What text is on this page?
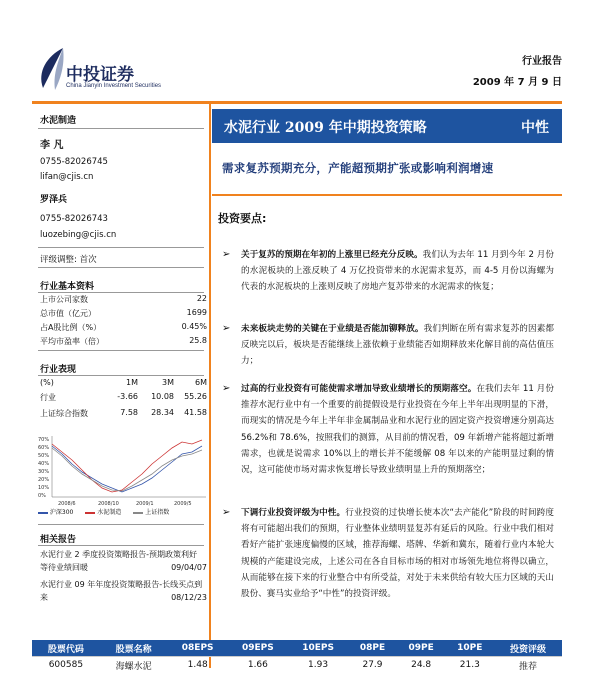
中投证券
China Jianyin Investment Securities
行业报告
2009 年 7 月 9 日
水泥制造
李 凡
0755-82026745
lifan@cjis.cn
罗泽兵
0755-82026743
luozebing@cjis.cn
评级调整: 首次
行业基本资料
上市公司家数	22
总市值（亿元）	1699
占A股比例（%）	0.45%
平均市盈率（倍）	25.8
行业表现
(%)	1M	3M	6M
行业	-3.66	10.08	55.26
上证综合指数	7.58	28.34	41.58
70%
60%
50%
40%
30%
20%
10%
0%
2008/6	2008/10	2009/1	2009/5
沪深300	水泥制造	上证指数
相关报告
水泥行业 2 季度投资策略报告-预期政策利好 等待业绩回暖	09/04/07
水泥行业 09 年年度投资策略报告-长线买点到来	08/12/23
水泥行业 2009 年中期投资策略	中性
需求复苏预期充分，产能超预期扩张或影响利润增速
投资要点:
➢ 关于复苏的预期在年初的上涨里已经充分反映。我们认为去年 11 月到今年 2 月份的水泥板块的上涨反映了 4 万亿投资带来的水泥需求复苏，而 4-5 月份以海螺为代表的水泥板块的上涨则反映了房地产复苏带来的水泥需求的恢复；
➢ 未来板块走势的关键在于业绩是否能加铆释放。我们判断在所有需求复苏的因素都反映完以后，板块是否能继续上涨依赖于业绩能否如期释放来化解目前的高估值压力；
➢ 过高的行业投资有可能使需求增加导致业绩增长的预期落空。在我们去年 11 月份推荐水泥行业中有一个重要的前提假设是行业投资在今年上半年出现明显的下滑，而现实的情况是今年上半年非金属制品业和水泥行业的固定资产投资增速分别高达 56.2%和 78.6%，按照我们的测算，从目前的情况看，09 年新增产能将超过新增需求，也就是说需求 10%以上的增长并不能缓解 08 年以来的产能明显过剩的情况，这可能使市场对需求恢复增长导致业绩明显上升的预期落空；
➢ 下调行业投资评级为中性。行业投资的过快增长使本次“去产能化”阶段的时间跨度将有可能超出我们的预期，行业整体业绩明显复苏有延后的风险。行业中我们相对看好产能扩张速度偏慢的区域，推荐海螺、塔牌、华新和冀东，随着行业内本轮大规模的产能建设完成，上述公司在各自目标市场的相对市场领先地位将得以确立，从而能够在接下来的行业整合中有所受益，对处于未来供给有较大压力区域的天山股份、赛马实业给予“中性”的投资评级。
股票代码	股票名称	08EPS	09EPS	10EPS	08PE	09PE	10PE	投资评级
600585	海螺水泥	1.48	1.66	1.93	27.9	24.8	21.3	推荐
